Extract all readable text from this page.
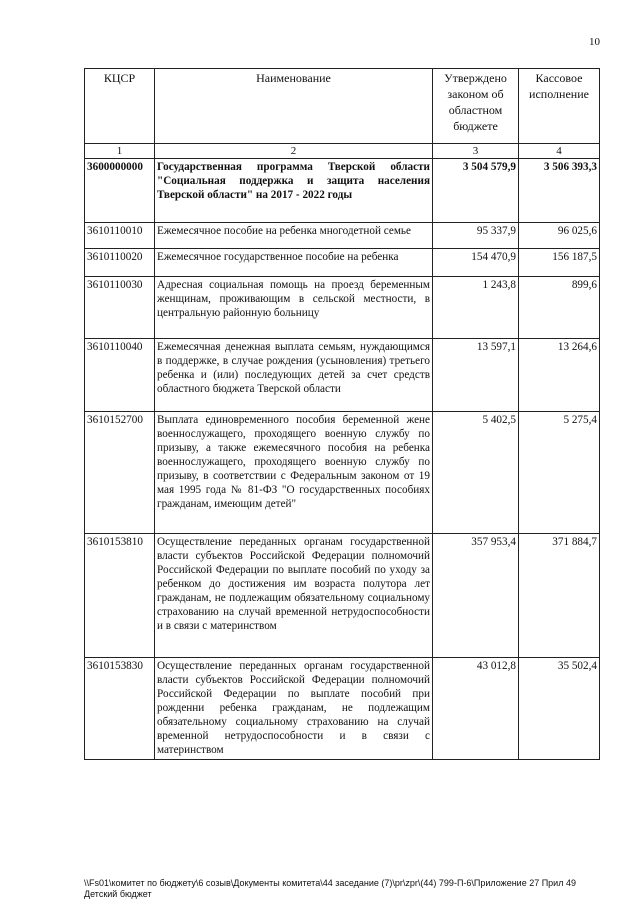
10
КЦСР	Наименование	Утверждено законом об областном бюджете	Кассовое исполнение
1	2	3	4
3600000000	Государственная программа Тверской области "Социальная поддержка и защита населения Тверской области" на 2017 - 2022 годы	3 504 579,9	3 506 393,3
3610110010	Ежемесячное пособие на ребенка многодетной семье	95 337,9	96 025,6
3610110020	Ежемесячное государственное пособие на ребенка	154 470,9	156 187,5
3610110030	Адресная социальная помощь на проезд беременным женщинам, проживающим в сельской местности, в центральную районную больницу	1 243,8	899,6
3610110040	Ежемесячная денежная выплата семьям, нуждающимся в поддержке, в случае рождения (усыновления) третьего ребенка и (или) последующих детей за счет средств областного бюджета Тверской области	13 597,1	13 264,6
3610152700	Выплата единовременного пособия беременной жене военнослужащего, проходящего военную службу по призыву, а также ежемесячного пособия на ребенка военнослужащего, проходящего военную службу по призыву, в соответствии с Федеральным законом от 19 мая 1995 года № 81-ФЗ "О государственных пособиях гражданам, имеющим детей"	5 402,5	5 275,4
3610153810	Осуществление переданных органам государственной власти субъектов Российской Федерации полномочий Российской Федерации по выплате пособий по уходу за ребенком до достижения им возраста полутора лет гражданам, не подлежащим обязательному социальному страхованию на случай временной нетрудоспособности и в связи с материнством	357 953,4	371 884,7
3610153830	Осуществление переданных органам государственной власти субъектов Российской Федерации полномочий Российской Федерации по выплате пособий при рожденни ребенка гражданам, не подлежащим обязательному социальному страхованию на случай временной нетрудоспособности и в связи с материнством	43 012,8	35 502,4
\\Fs01\комитет по бюджету\6 созыв\Документы комитета\44 заседание (7)\pr\zpr\(44) 799-П-6\Приложение 27 Прил 49 Детский бюджет
